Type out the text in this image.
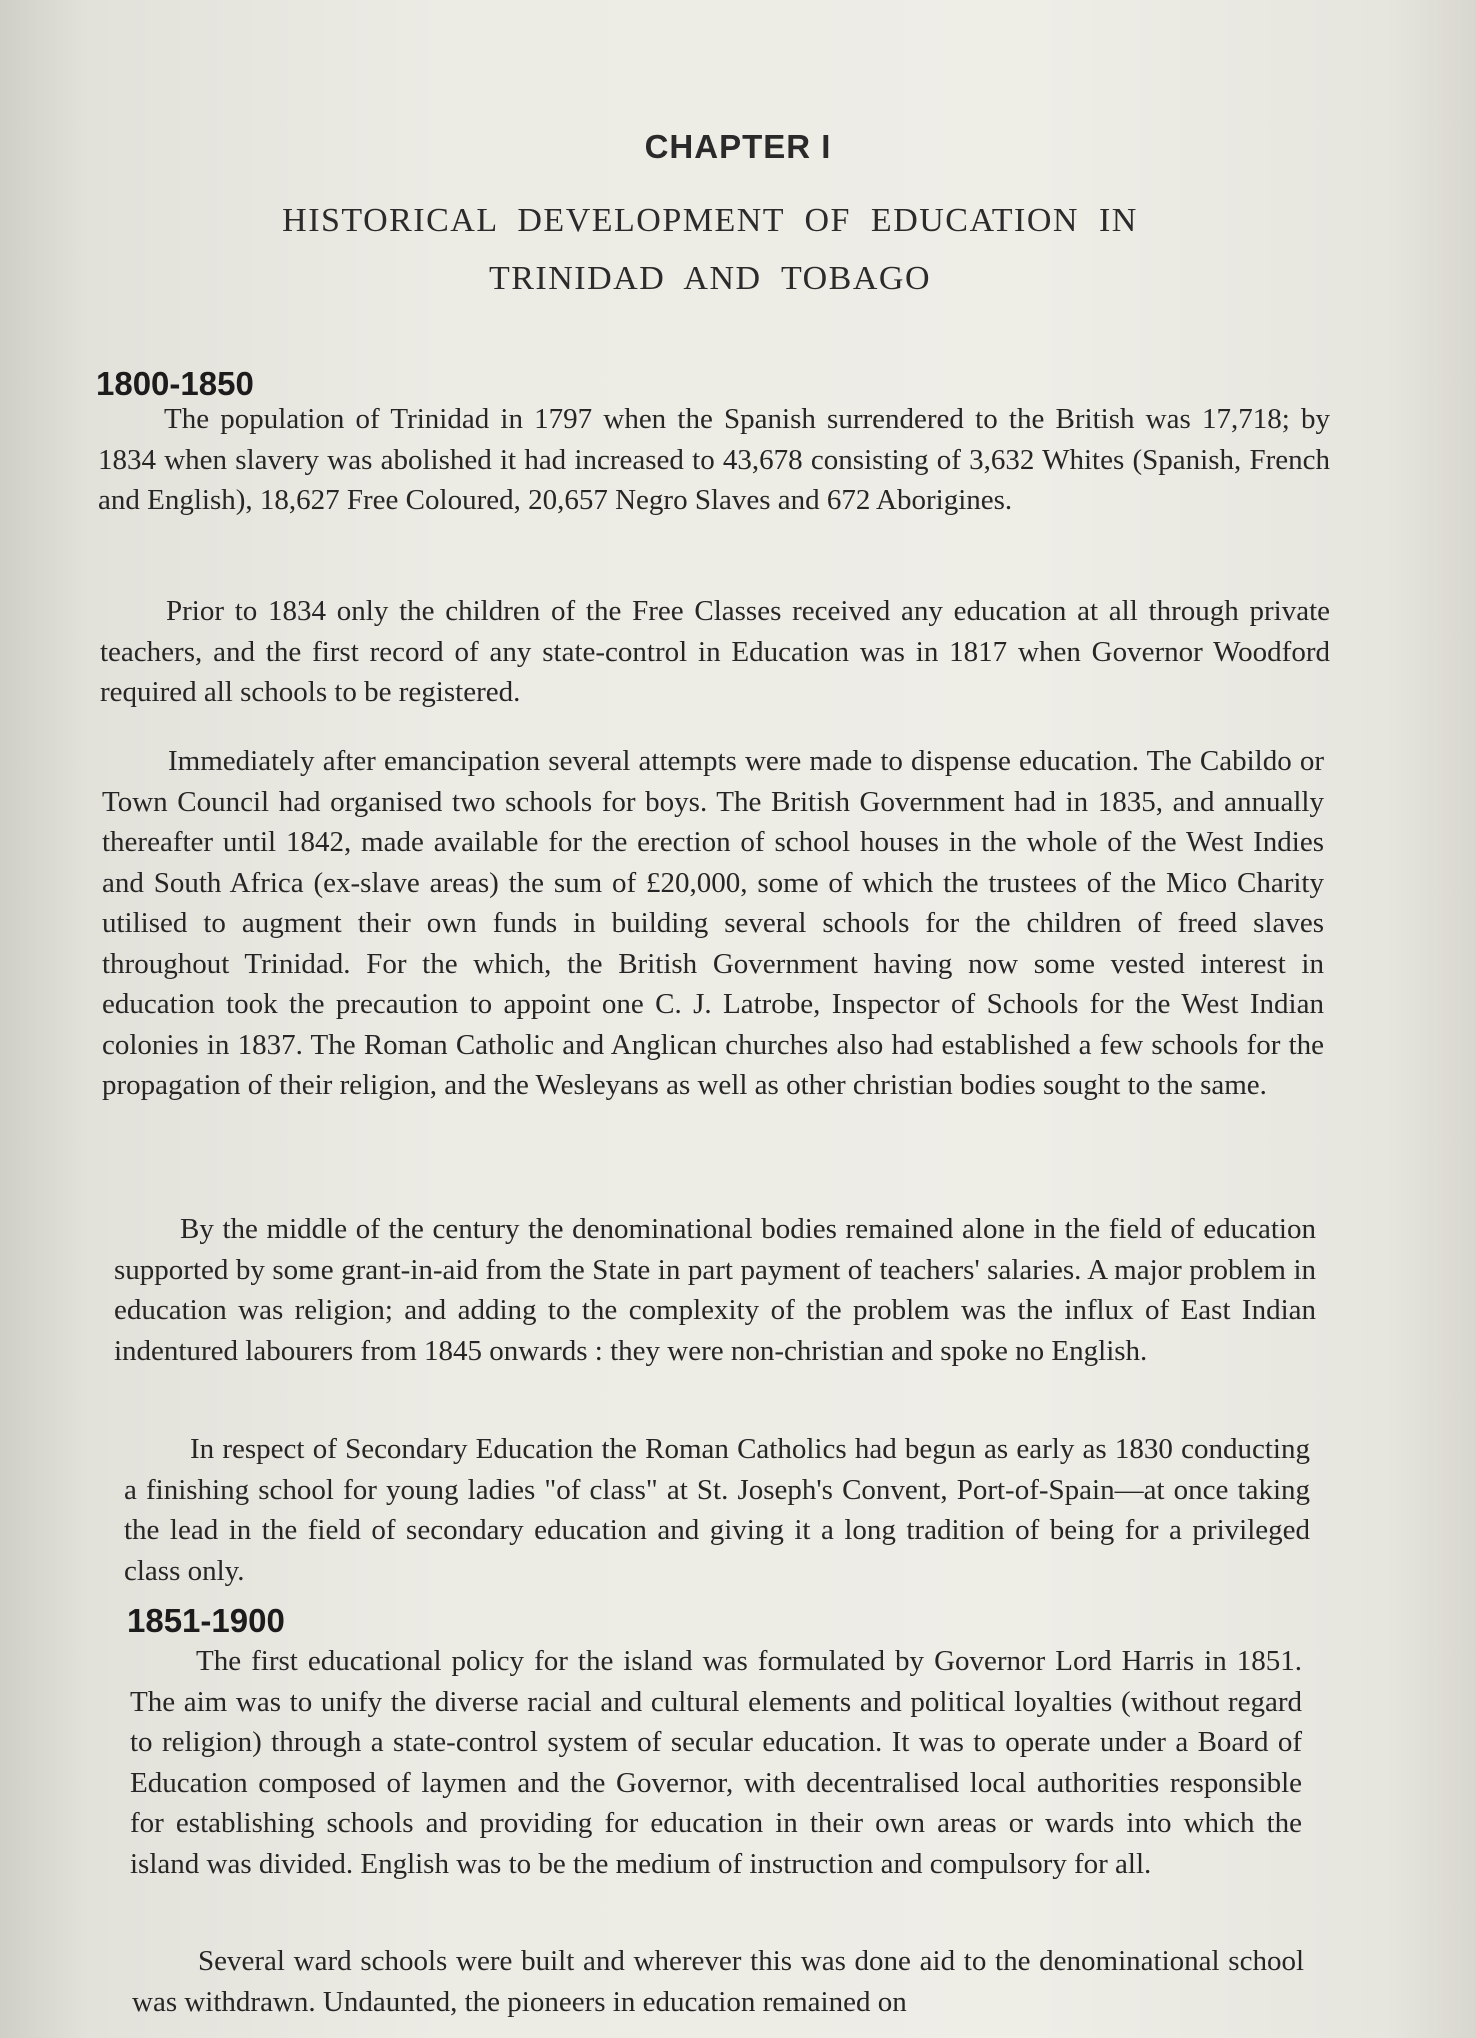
CHAPTER I
HISTORICAL DEVELOPMENT OF EDUCATION IN
TRINIDAD AND TOBAGO
1800-1850

The population of Trinidad in 1797 when the Spanish surrendered to the British was 17,718; by 1834 when slavery was abolished it had increased to 43,678 consisting of 3,632 Whites (Spanish, French and English), 18,627 Free Coloured, 20,657 Negro Slaves and 672 Aborigines.

Prior to 1834 only the children of the Free Classes received any education at all through private teachers, and the first record of any state-control in Education was in 1817 when Governor Woodford required all schools to be registered.

Immediately after emancipation several attempts were made to dispense education. The Cabildo or Town Council had organised two schools for boys. The British Government had in 1835, and annually thereafter until 1842, made available for the erection of school houses in the whole of the West Indies and South Africa (ex-slave areas) the sum of £20,000, some of which the trustees of the Mico Charity utilised to augment their own funds in building several schools for the children of freed slaves throughout Trinidad. For the which, the British Government having now some vested interest in education took the precaution to appoint one C. J. Latrobe, Inspector of Schools for the West Indian colonies in 1837. The Roman Catholic and Anglican churches also had established a few schools for the propagation of their religion, and the Wesleyans as well as other christian bodies sought to the same.

By the middle of the century the denominational bodies remained alone in the field of education supported by some grant-in-aid from the State in part payment of teachers' salaries. A major problem in education was religion; and adding to the complexity of the problem was the influx of East Indian indentured labourers from 1845 onwards : they were non-christian and spoke no English.

In respect of Secondary Education the Roman Catholics had begun as early as 1830 conducting a finishing school for young ladies "of class" at St. Joseph's Convent, Port-of-Spain—at once taking the lead in the field of secondary education and giving it a long tradition of being for a privileged class only.

1851-1900

The first educational policy for the island was formulated by Governor Lord Harris in 1851. The aim was to unify the diverse racial and cultural elements and political loyalties (without regard to religion) through a state-control system of secular education. It was to operate under a Board of Education composed of laymen and the Governor, with decentralised local authorities responsible for establishing schools and providing for education in their own areas or wards into which the island was divided. English was to be the medium of instruction and compulsory for all.

Several ward schools were built and wherever this was done aid to the denominational school was withdrawn. Undaunted, the pioneers in education remained on
